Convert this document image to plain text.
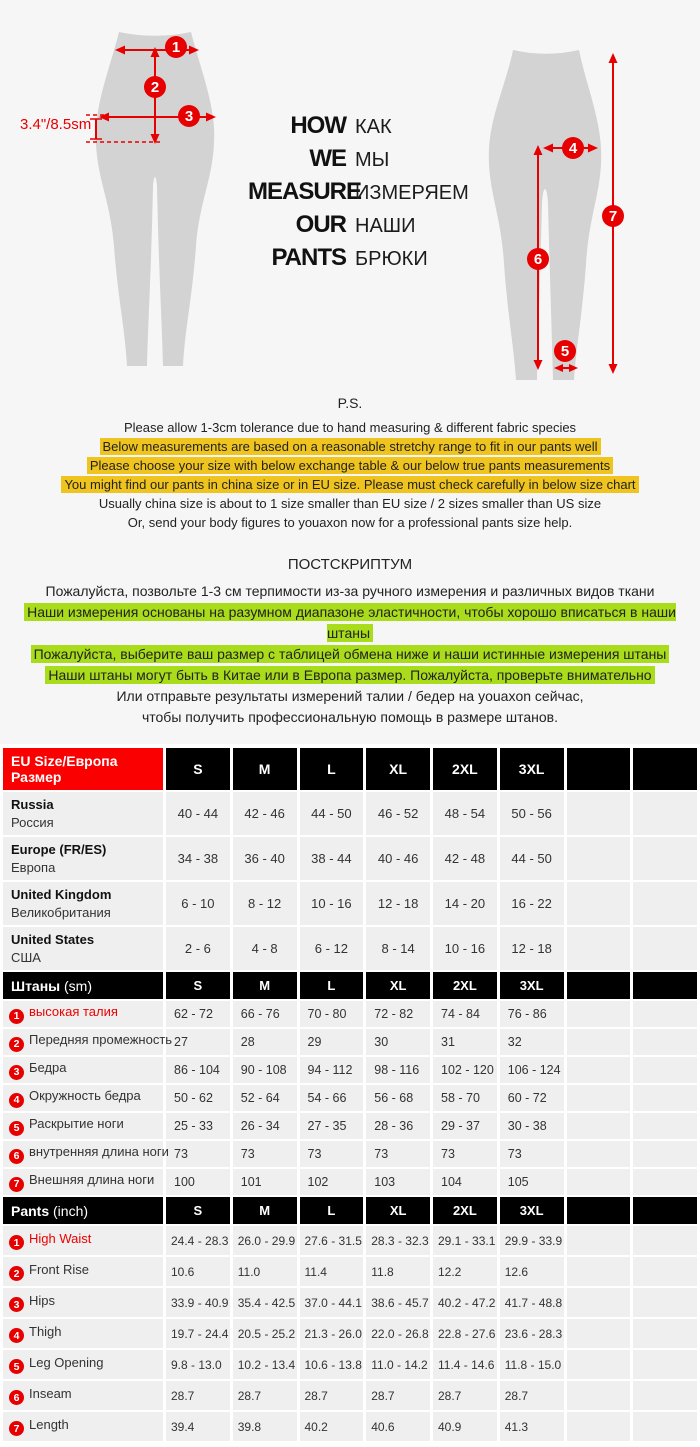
3.4"/8.5sm
1
2
3
4
5
6
7
HOW КАК
WE МЫ
MEASURE
ИЗМЕРЯЕМ
OUR НАШИ
PANTS БРЮКИ
P.S.
Please allow 1-3cm tolerance due to hand measuring & different fabric species
Below measurements are based on a reasonable stretchy range to fit in our pants well
Please choose your size with below exchange table & our below true pants measurements
You might find our pants in china size or in EU size. Please must check carefully in below size chart
Usually china size is about to 1 size smaller than EU size / 2 sizes smaller than US size
Or, send your body figures to youaxon now for a professional pants size help.
ПОСТСКРИПТУМ
Пожалуйста, позвольте 1-3 см терпимости из-за ручного измерения и различных видов ткани
Наши измерения основаны на разумном диапазоне эластичности, чтобы хорошо вписаться в наши штаны
Пожалуйста, выберите ваш размер с таблицей обмена ниже и наши истинные измерения штаны
Наши штаны могут быть в Китае или в Европа размер. Пожалуйста, проверьте внимательно
Или отправьте результаты измерений талии / бедер на youaxon сейчас,
чтобы получить профессиональную помощь в размере штанов.
EU Size/Европа Размер	S	M	L	XL	2XL	3XL		

Russia
Россия	40 - 44	42 - 46	44 - 50	46 - 52	48 - 54	50 - 56		

Europe (FR/ES)
Европа	34 - 38	36 - 40	38 - 44	40 - 46	42 - 48	44 - 50		

United Kingdom
Великобритания	6 - 10	8 - 12	10 - 16	12 - 18	14 - 20	16 - 22		

United States
США	2 - 6	4 - 8	6 - 12	8 - 14	10 - 16	12 - 18		
Штаны (sm)	S	M	L	XL	2XL	3XL		
1 высокая талия	62 - 72	66 - 76	70 - 80	72 - 82	74 - 84	76 - 86		
2 Передняя промежность	27	28	29	30	31	32		
3 Бедра	86 - 104	90 - 108	94 - 112	98 - 116	102 - 120	106 - 124		
4 Окружность бедра	50 - 62	52 - 64	54 - 66	56 - 68	58 - 70	60 - 72		
5 Раскрытие ноги	25 - 33	26 - 34	27 - 35	28 - 36	29 - 37	30 - 38		
6 внутренняя длина ноги	73	73	73	73	73	73		
7 Внешняя длина ноги	100	101	102	103	104	105		
Pants (inch)	S	M	L	XL	2XL	3XL		
1 High Waist	24.4 - 28.3	26.0 - 29.9	27.6 - 31.5	28.3 - 32.3	29.1 - 33.1	29.9 - 33.9		
2 Front Rise	10.6	11.0	11.4	11.8	12.2	12.6		
3 Hips	33.9 - 40.9	35.4 - 42.5	37.0 - 44.1	38.6 - 45.7	40.2 - 47.2	41.7 - 48.8		
4 Thigh	19.7 - 24.4	20.5 - 25.2	21.3 - 26.0	22.0 - 26.8	22.8 - 27.6	23.6 - 28.3		
5 Leg Opening	9.8 - 13.0	10.2 - 13.4	10.6 - 13.8	11.0 - 14.2	11.4 - 14.6	11.8 - 15.0		
6 Inseam	28.7	28.7	28.7	28.7	28.7	28.7		
7 Length	39.4	39.8	40.2	40.6	40.9	41.3		
